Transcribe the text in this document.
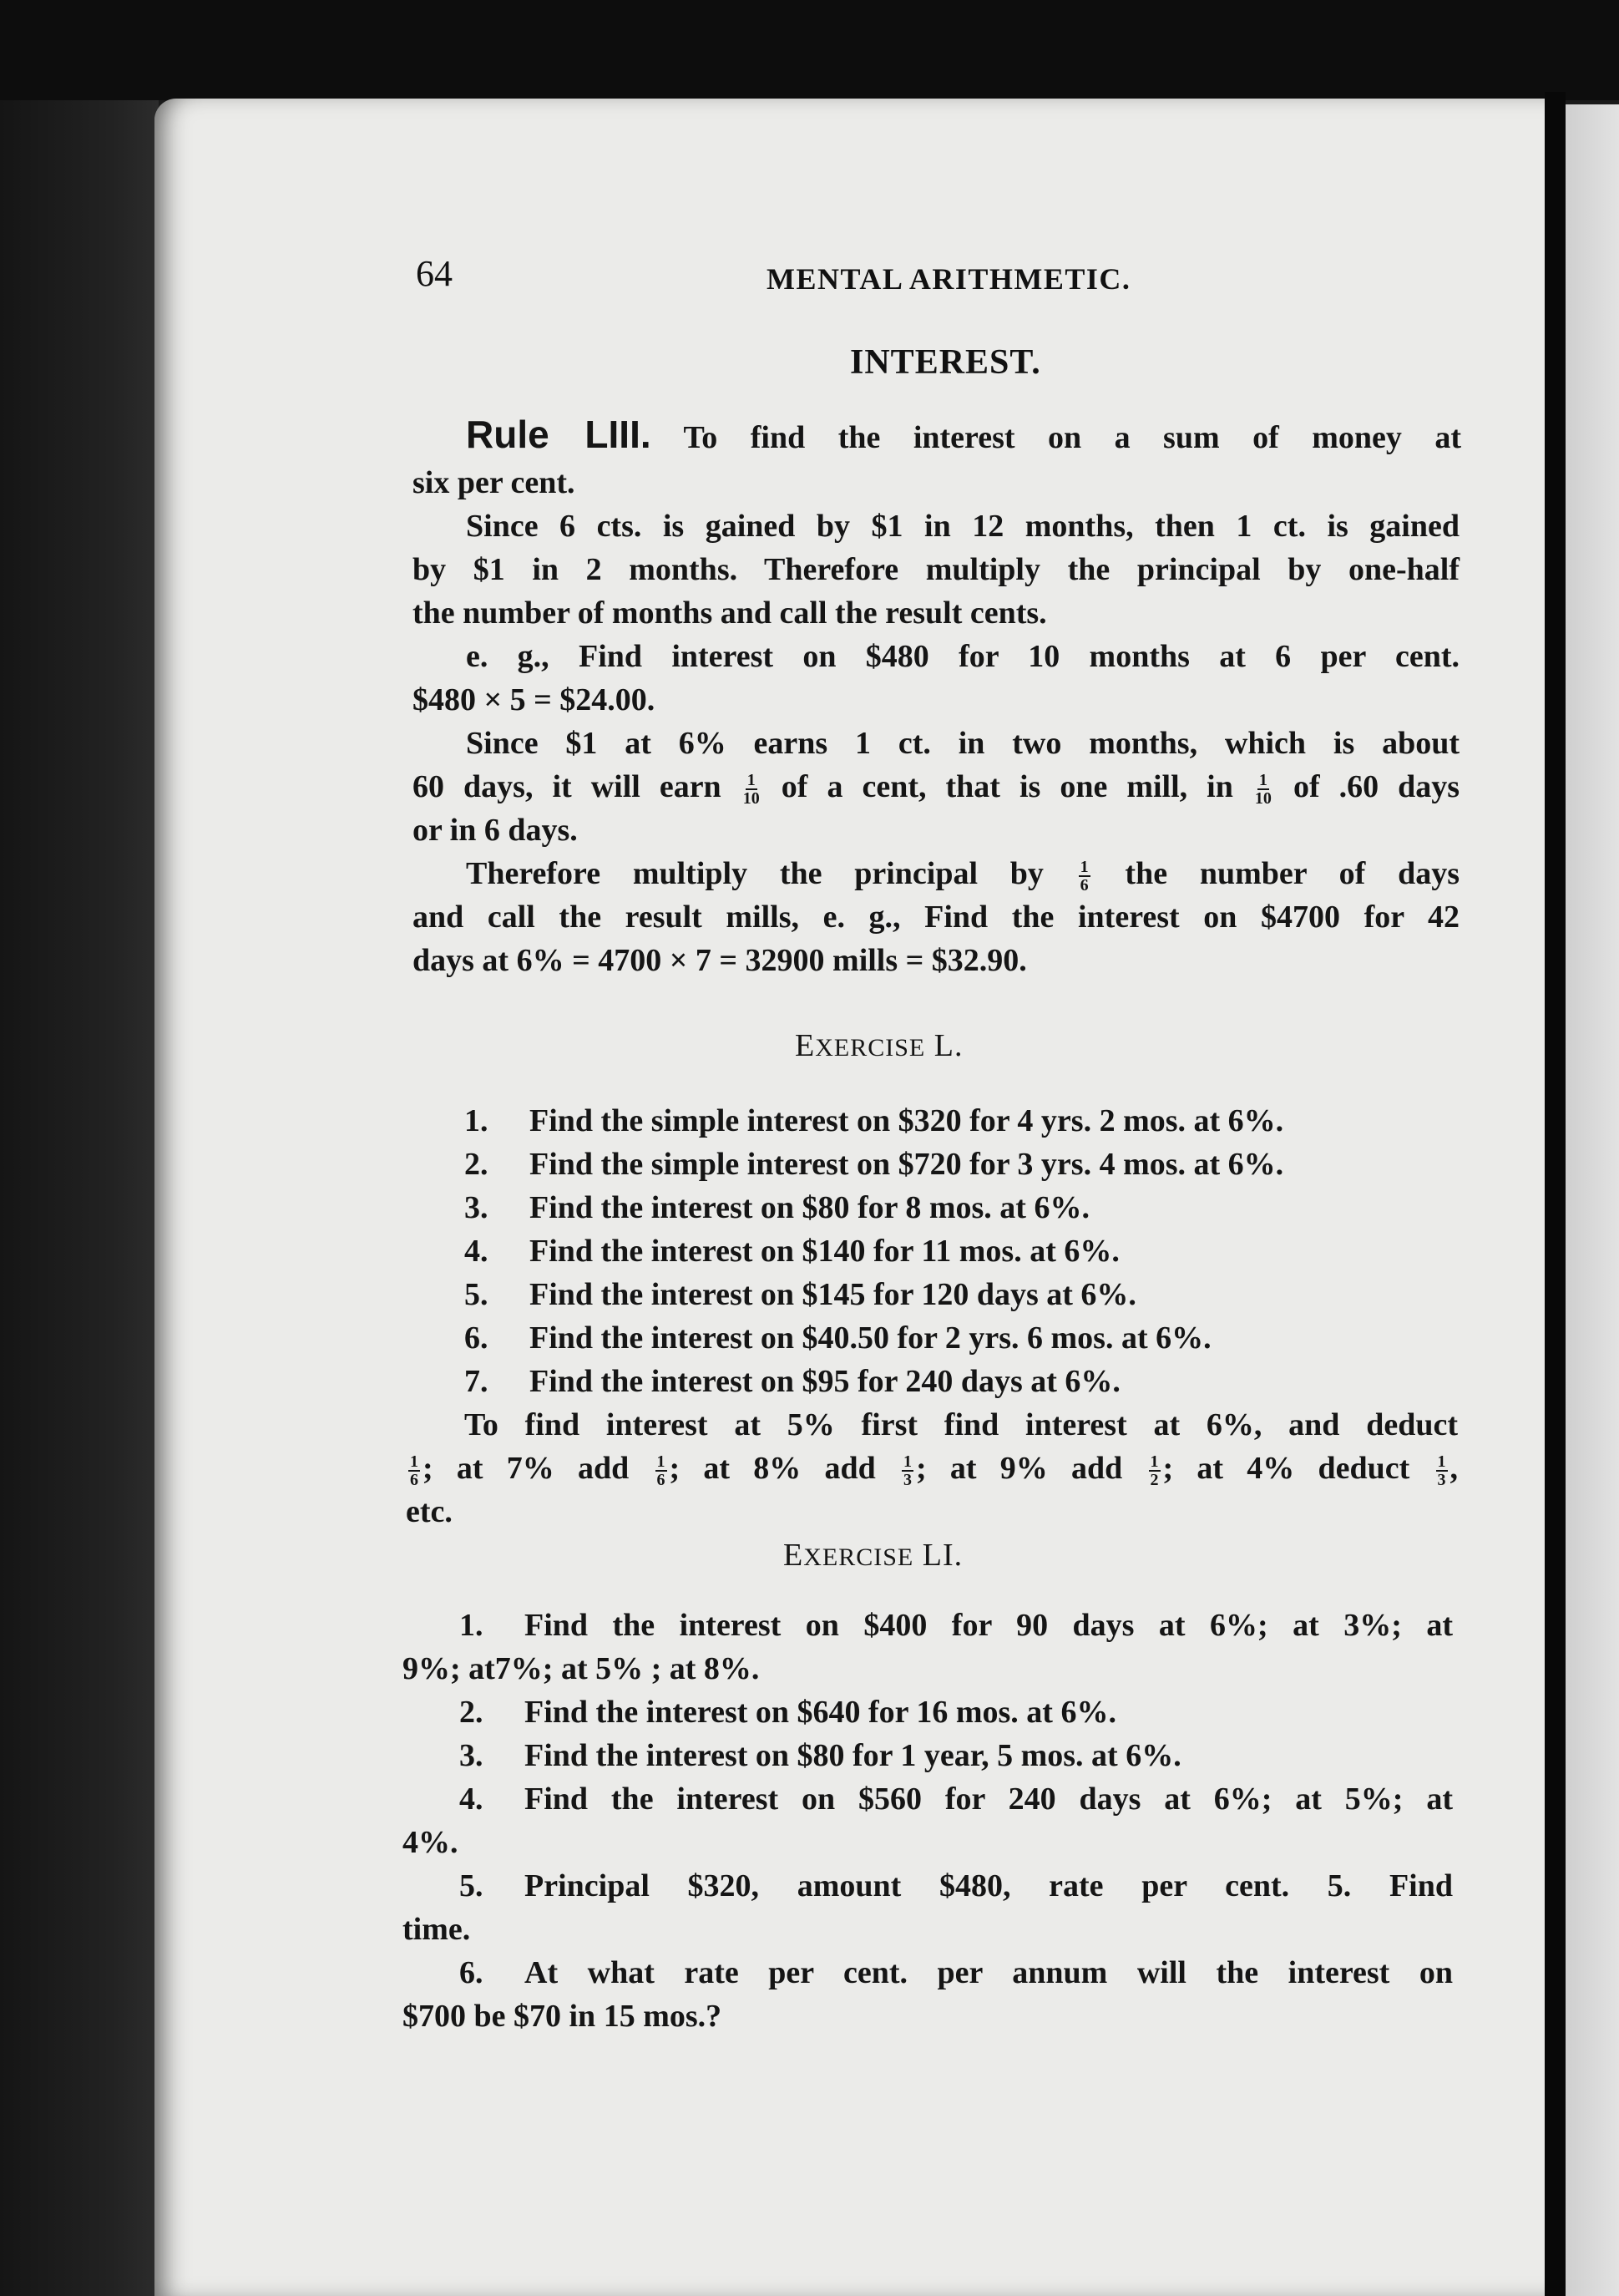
64	MENTAL ARITHMETIC.
INTEREST.
Rule LIII. To find the interest on a sum of money at
six per cent.
Since 6 cts. is gained by $1 in 12 months, then 1 ct. is gained
by $1 in 2 months. Therefore multiply the principal by one-half
the number of months and call the result cents.
e. g., Find interest on $480 for 10 months at 6 per cent.
$480 × 5 = $24.00.
Since $1 at 6% earns 1 ct. in two months, which is about
60 days, it will earn $\frac{1}{10}$ of a cent, that is one mill, in $\frac{1}{10}$ of .60 days
or in 6 days.
Therefore multiply the principal by $\frac{1}{6}$ the number of days
and call the result mills, e. g., Find the interest on $4700 for 42
days at 6% = 4700 × 7 = 32900 mills = $32.90.
EXERCISE L.
1. Find the simple interest on $320 for 4 yrs. 2 mos. at 6%.
2. Find the simple interest on $720 for 3 yrs. 4 mos. at 6%.
3. Find the interest on $80 for 8 mos. at 6%.
4. Find the interest on $140 for 11 mos. at 6%.
5. Find the interest on $145 for 120 days at 6%.
6. Find the interest on $40.50 for 2 yrs. 6 mos. at 6%.
7. Find the interest on $95 for 240 days at 6%.
To find interest at 5% first find interest at 6%, and deduct
$\frac{1}{6}$ ; at 7% add $\frac{1}{6}$ ; at 8% add $\frac{1}{3}$ ; at 9% add $\frac{1}{2}$ ; at 4% deduct $\frac{1}{3}$ ,
etc.
EXERCISE LI.
1. Find the interest on $400 for 90 days at 6%; at 3%; at
9%; at7%; at 5% ; at 8%.
2. Find the interest on $640 for 16 mos. at 6%.
3. Find the interest on $80 for 1 year, 5 mos. at 6%.
4. Find the interest on $560 for 240 days at 6%; at 5%; at
4%.
5. Principal $320, amount $480, rate per cent. 5. Find
time.
6. At what rate per cent. per annum will the interest on
$700 be $70 in 15 mos.?
